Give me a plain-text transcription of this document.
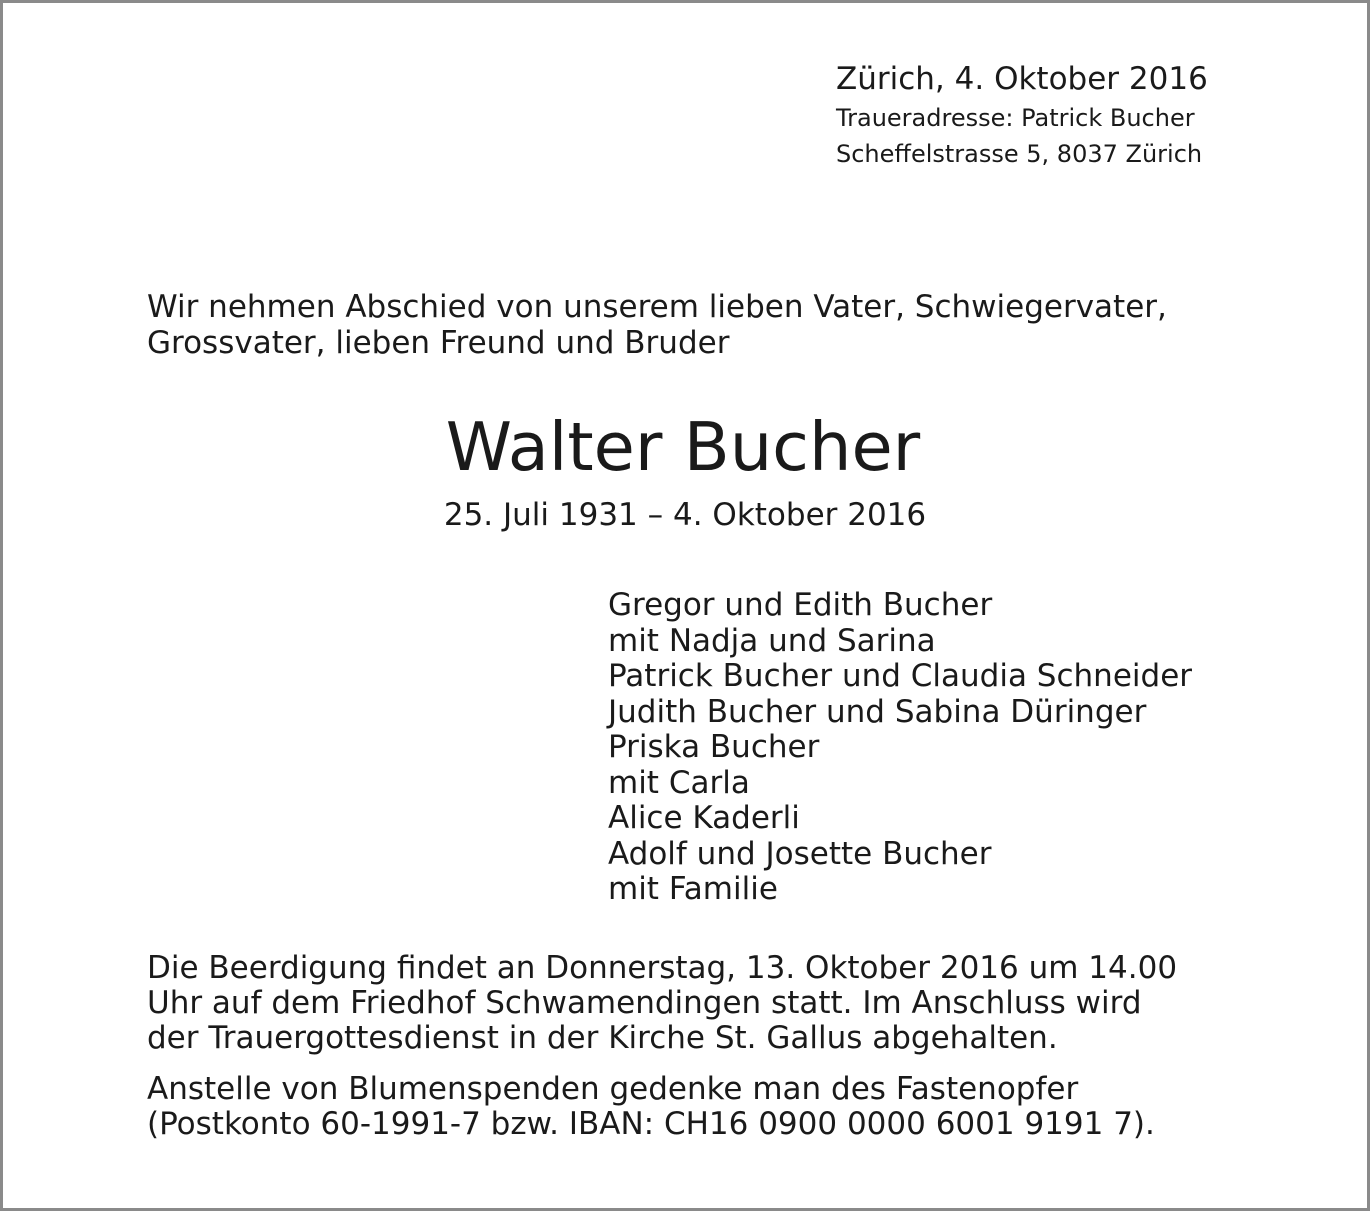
Zürich, 4. Oktober 2016
Traueradresse: Patrick Bucher
Scheffelstrasse 5, 8037 Zürich
Wir nehmen Abschied von unserem lieben Vater, Schwiegervater,
Grossvater, lieben Freund und Bruder
Walter Bucher
25. Juli 1931 – 4. Oktober 2016
Gregor und Edith Bucher
mit Nadja und Sarina
Patrick Bucher und Claudia Schneider
Judith Bucher und Sabina Düringer
Priska Bucher
mit Carla
Alice Kaderli
Adolf und Josette Bucher
mit Familie
Die Beerdigung findet an Donnerstag, 13. Oktober 2016 um 14.00
Uhr auf dem Friedhof Schwamendingen statt. Im Anschluss wird
der Trauergottesdienst in der Kirche St. Gallus abgehalten.
Anstelle von Blumenspenden gedenke man des Fastenopfer
(Postkonto 60-1991-7 bzw. IBAN: CH16 0900 0000 6001 9191 7).
